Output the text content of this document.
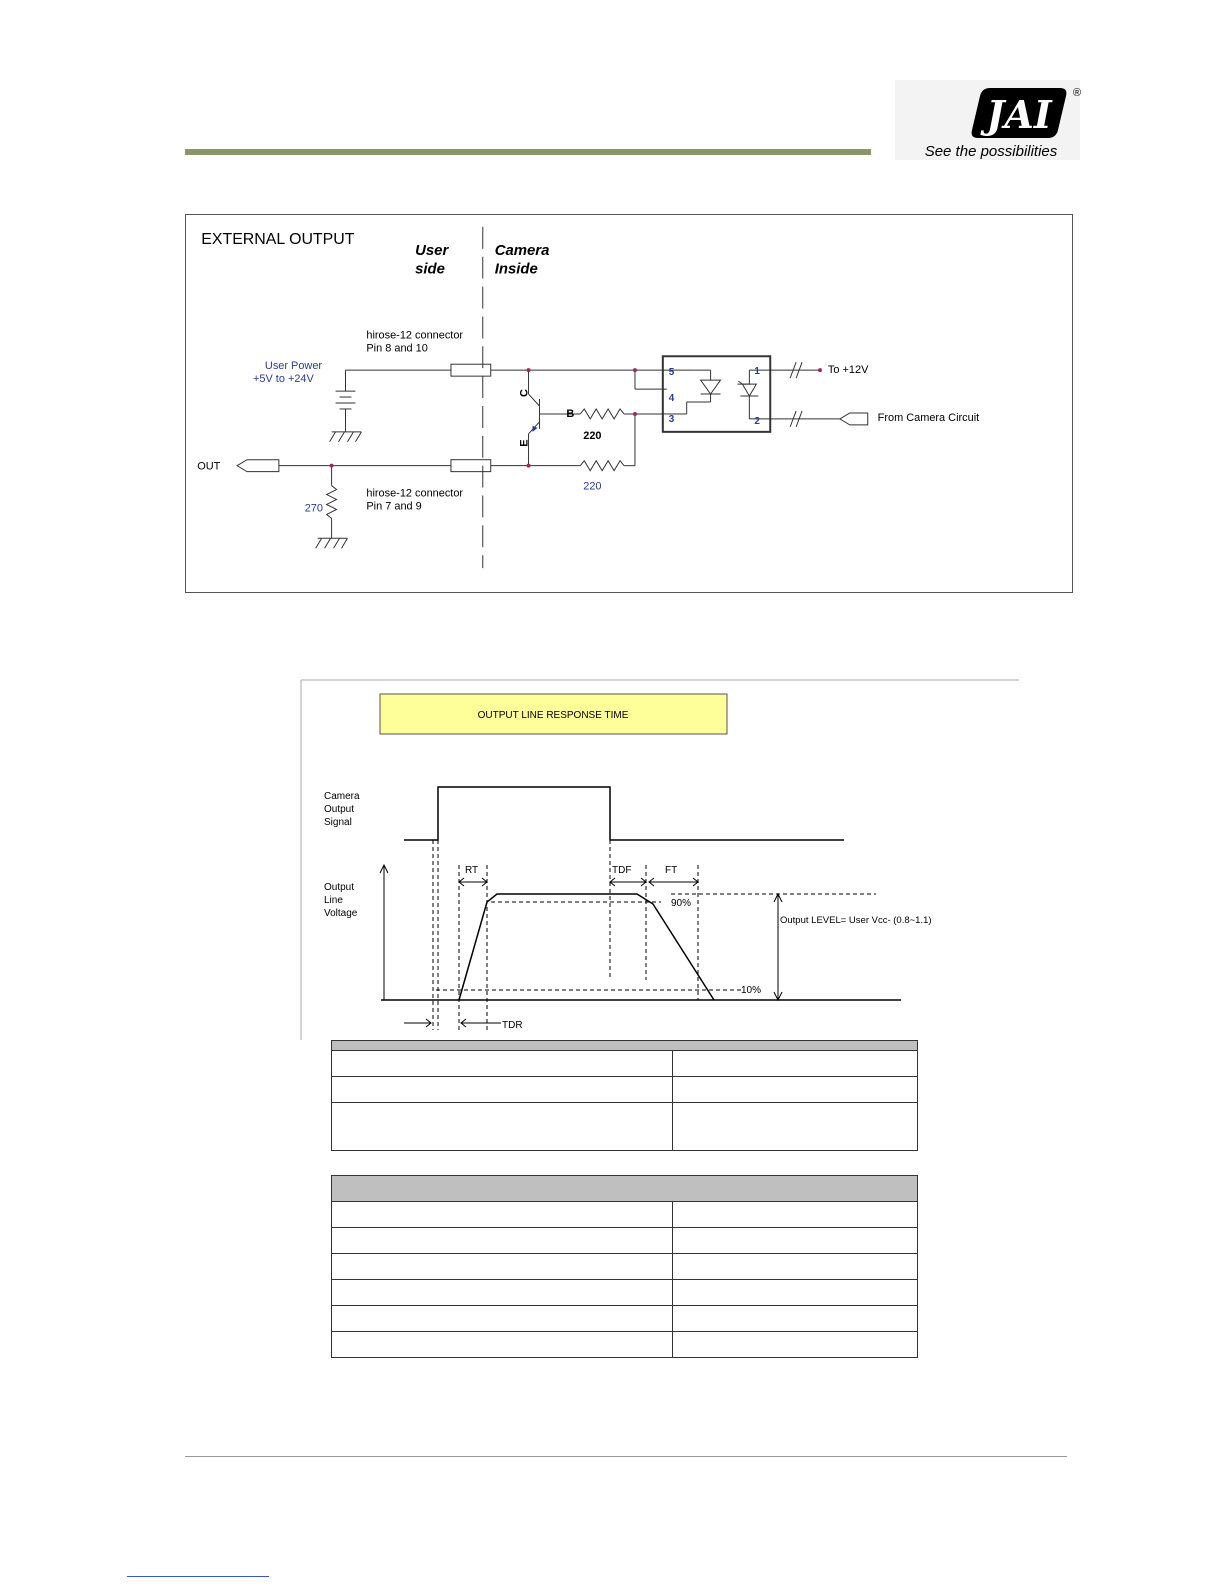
JAI ®
See the possibilities
EXTERNAL OUTPUT
User
side
Camera
Inside
hirose-12 connector
Pin 8 and 10
hirose-12 connector
Pin 7 and 9
User Power
+5V to +24V
C
B
E
220
220
270
OUT
5
4
3
1
2
To +12V
From Camera Circuit
OUTPUT LINE RESPONSE TIME
Camera
Output
Signal
Output
Line
Voltage
RT	TDF	FT
TDR
90%
10%
Output LEVEL= User Vcc- (0.8~1.1)
